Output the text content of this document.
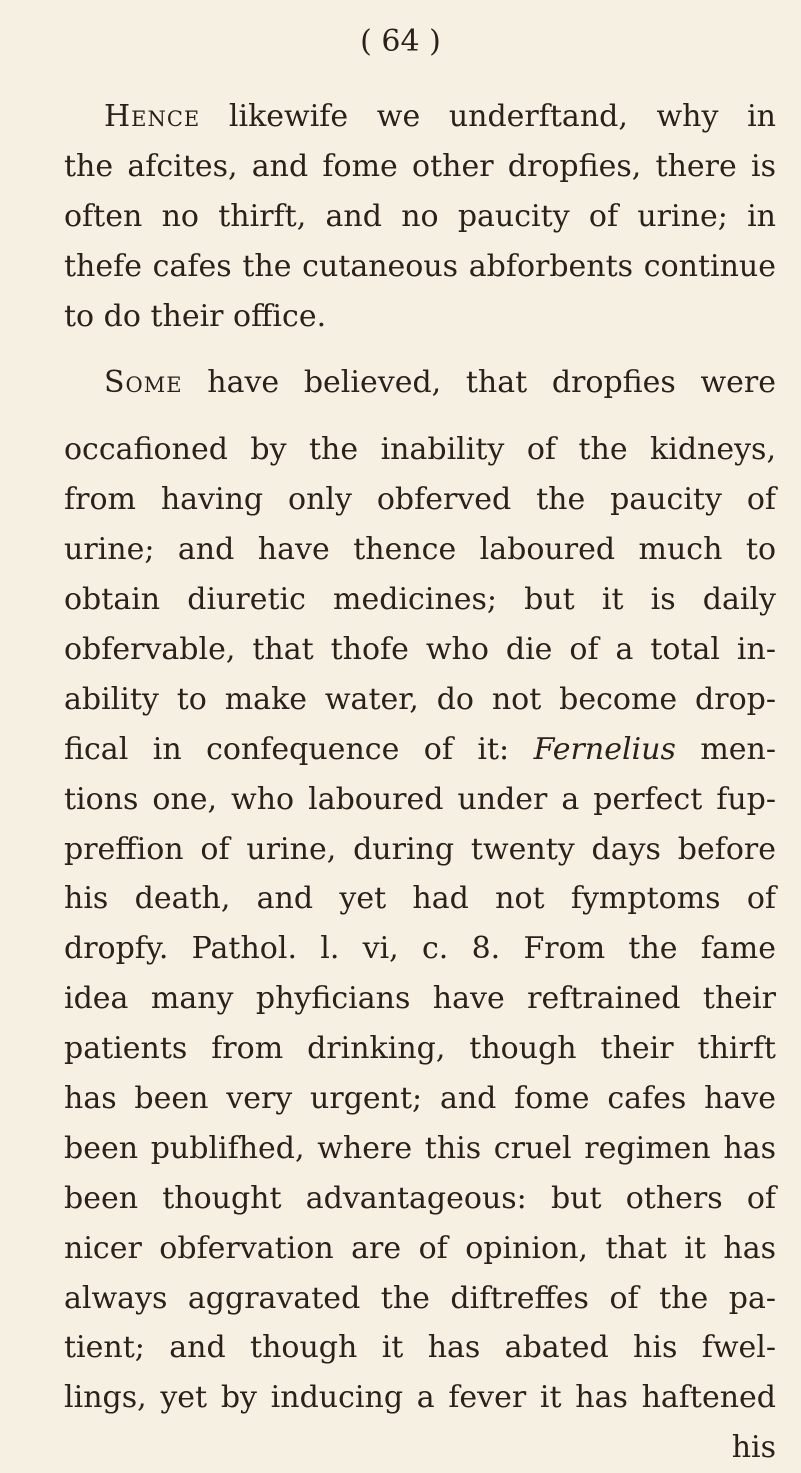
( 64 )
Hence likewife we underftand, why in
the afcites, and fome other dropfies, there is
often no thirft, and no paucity of urine; in
thefe cafes the cutaneous abforbents continue
to do their office.
Some have believed, that dropfies were
occafioned by the inability of the kidneys,
from having only obferved the paucity of
urine; and have thence laboured much to
obtain diuretic medicines; but it is daily
obfervable, that thofe who die of a total in-
ability to make water, do not become drop-
fical in confequence of it: Fernelius men-
tions one, who laboured under a perfect fup-
preffion of urine, during twenty days before
his death, and yet had not fymptoms of
dropfy. Pathol. l. vi, c. 8. From the fame
idea many phyficians have reftrained their
patients from drinking, though their thirft
has been very urgent; and fome cafes have
been publifhed, where this cruel regimen has
been thought advantageous: but others of
nicer obfervation are of opinion, that it has
always aggravated the diftreffes of the pa-
tient; and though it has abated his fwel-
lings, yet by inducing a fever it has haftened
his
